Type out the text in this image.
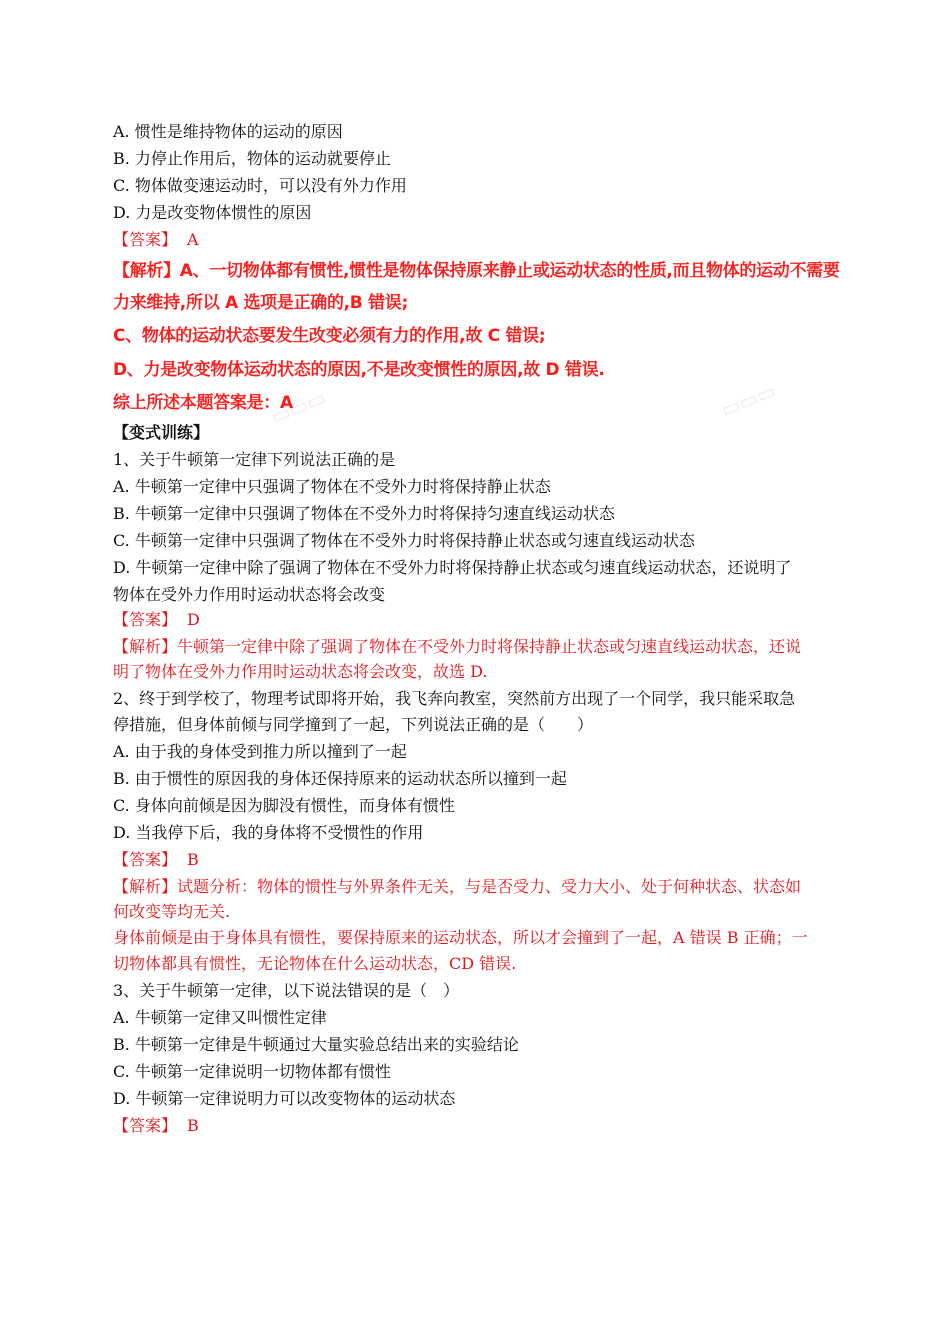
A. 惯性是维持物体的运动的原因
B. 力停止作用后，物体的运动就要停止
C. 物体做变速运动时，可以没有外力作用
D. 力是改变物体惯性的原因
【答案】 A
【解析】A、一切物体都有惯性,惯性是物体保持原来静止或运动状态的性质,而且物体的运动不需要
力来维持,所以 A 选项是正确的,B 错误;
C、物体的运动状态要发生改变必须有力的作用,故 C 错误;
D、力是改变物体运动状态的原因,不是改变惯性的原因,故 D 错误.
综上所述本题答案是：A
▭▭▭	▭▭▭
【变式训练】
1、关于牛顿第一定律下列说法正确的是
A. 牛顿第一定律中只强调了物体在不受外力时将保持静止状态
B. 牛顿第一定律中只强调了物体在不受外力时将保持匀速直线运动状态
C. 牛顿第一定律中只强调了物体在不受外力时将保持静止状态或匀速直线运动状态
D. 牛顿第一定律中除了强调了物体在不受外力时将保持静止状态或匀速直线运动状态，还说明了
物体在受外力作用时运动状态将会改变
【答案】 D
【解析】牛顿第一定律中除了强调了物体在不受外力时将保持静止状态或匀速直线运动状态，还说
明了物体在受外力作用时运动状态将会改变，故选 D.
2、终于到学校了，物理考试即将开始，我飞奔向教室，突然前方出现了一个同学，我只能采取急
停措施，但身体前倾与同学撞到了一起，下列说法正确的是（　　）
A. 由于我的身体受到推力所以撞到了一起
B. 由于惯性的原因我的身体还保持原来的运动状态所以撞到一起
C. 身体向前倾是因为脚没有惯性，而身体有惯性
D. 当我停下后，我的身体将不受惯性的作用
【答案】 B
【解析】试题分析：物体的惯性与外界条件无关，与是否受力、受力大小、处于何种状态、状态如
何改变等均无关.
身体前倾是由于身体具有惯性，要保持原来的运动状态，所以才会撞到了一起，A 错误 B 正确；一
切物体都具有惯性，无论物体在什么运动状态，CD 错误.
3、关于牛顿第一定律，以下说法错误的是（　）
A. 牛顿第一定律又叫惯性定律
B. 牛顿第一定律是牛顿通过大量实验总结出来的实验结论
C. 牛顿第一定律说明一切物体都有惯性
D. 牛顿第一定律说明力可以改变物体的运动状态
【答案】 B
